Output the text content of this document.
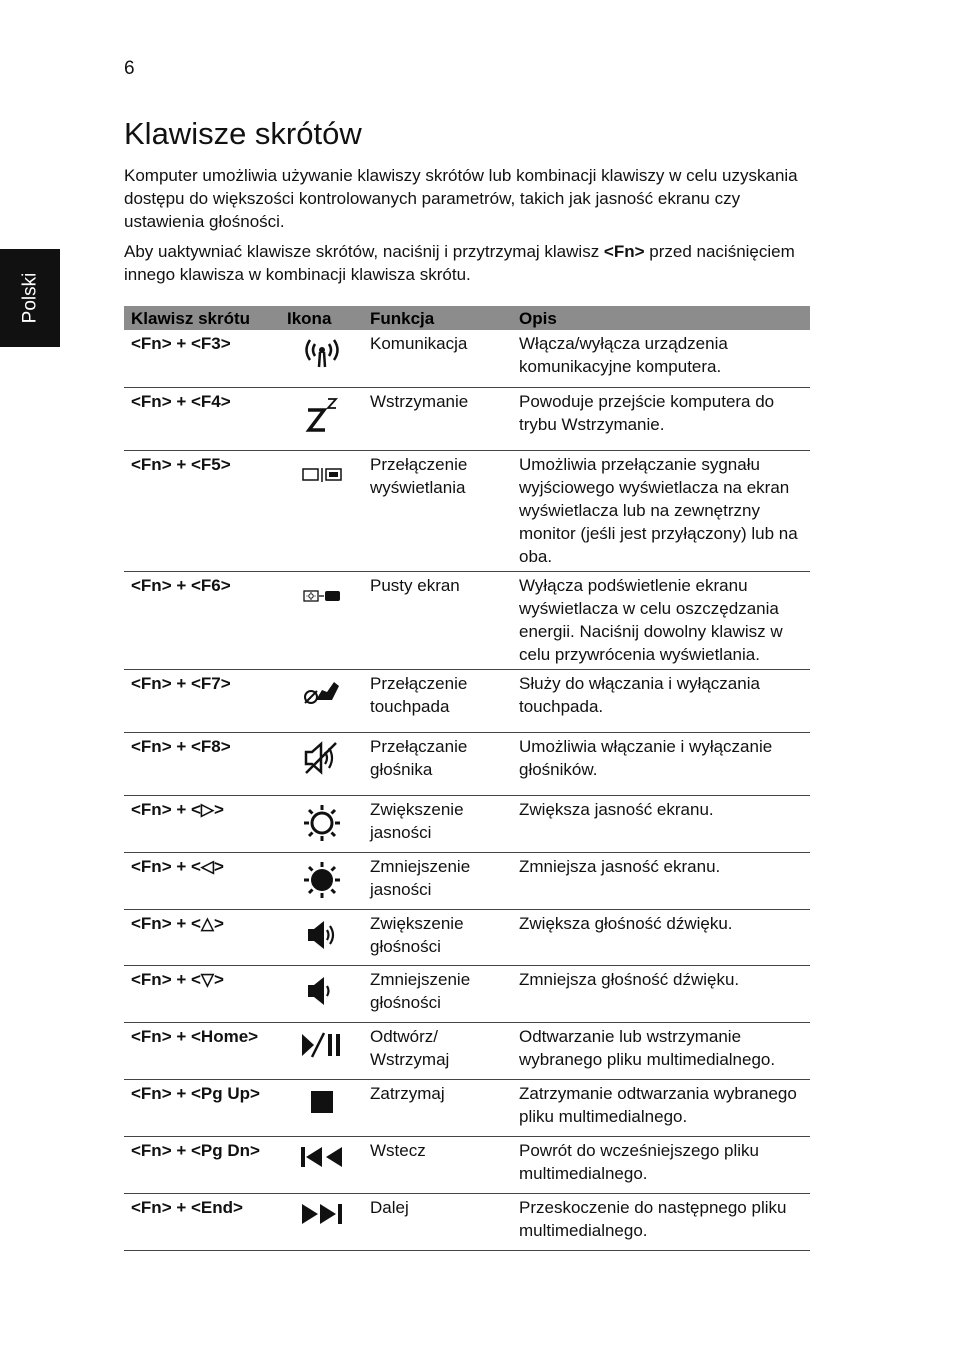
6
Polski
Klawisze skrótów

Komputer umożliwia używanie klawiszy skrótów lub kombinacji klawiszy w celu uzyskania dostępu do większości kontrolowanych parametrów, takich jak jasność ekranu czy ustawienia głośności.

Aby uaktywniać klawisze skrótów, naciśnij i przytrzymaj klawisz <Fn> przed naciśnięciem innego klawisza w kombinacji klawisza skrótu.

Klawisz skrótu	Ikona	Funkcja	Opis
<Fn> + <F3>		Komunikacja	Włącza/wyłącza urządzenia komunikacyjne komputera.
<Fn> + <F4>		Wstrzymanie	Powoduje przejście komputera do trybu Wstrzymanie.
<Fn> + <F5>		Przełączenie wyświetlania	Umożliwia przełączanie sygnału wyjściowego wyświetlacza na ekran wyświetlacza lub na zewnętrzny monitor (jeśli jest przyłączony) lub na oba.
<Fn> + <F6>		Pusty ekran	Wyłącza podświetlenie ekranu wyświetlacza w celu oszczędzania energii. Naciśnij dowolny klawisz w celu przywrócenia wyświetlania.
<Fn> + <F7>		Przełączenie touchpada	Służy do włączania i wyłączania touchpada.
<Fn> + <F8>		Przełączanie głośnika	Umożliwia włączanie i wyłączanie głośników.
<Fn> + <▷>		Zwiększenie jasności	Zwiększa jasność ekranu.
<Fn> + <◁>		Zmniejszenie jasności	Zmniejsza jasność ekranu.
<Fn> + <△>		Zwiększenie głośności	Zwiększa głośność dźwięku.
<Fn> + <▽>		Zmniejszenie głośności	Zmniejsza głośność dźwięku.
<Fn> + <Home>		Odtwórz/ Wstrzymaj	Odtwarzanie lub wstrzymanie wybranego pliku multimedialnego.
<Fn> + <Pg Up>		Zatrzymaj	Zatrzymanie odtwarzania wybranego pliku multimedialnego.
<Fn> + <Pg Dn>		Wstecz	Powrót do wcześniejszego pliku multimedialnego.
<Fn> + <End>		Dalej	Przeskoczenie do następnego pliku multimedialnego.
